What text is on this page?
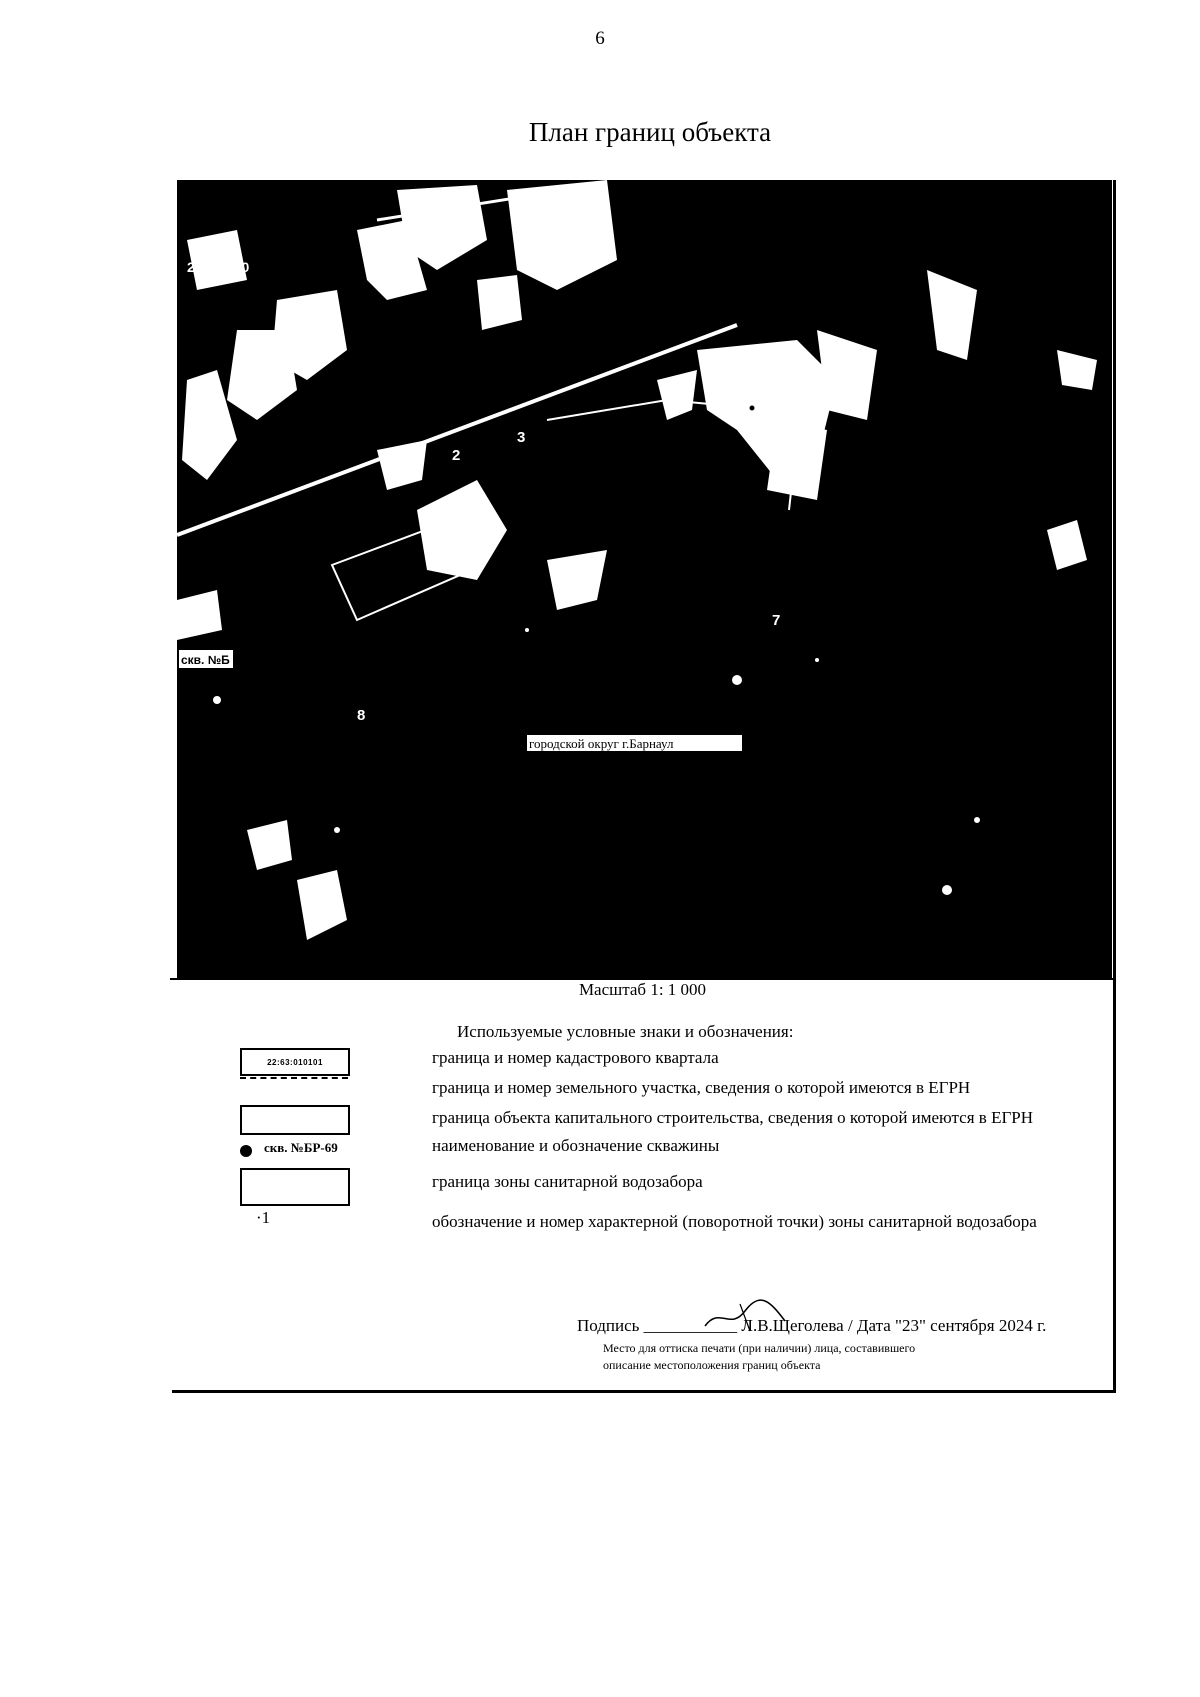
6
План границ объекта
22 63 030
городской округ г.Барнаул
скв. №Б
2
3
4	5
6
7
8
Масштаб 1: 1 000
Используемые условные знаки и обозначения:
22:63:010101
скв. №БР-69
·1
граница и номер кадастрового квартала
граница и номер земельного участка, сведения о которой имеются в ЕГРН
граница объекта капитального строительства, сведения о которой имеются в ЕГРН
наименование и обозначение скважины
граница зоны санитарной водозабора
обозначение и номер характерной (поворотной точки) зоны санитарной водозабора
Подпись ___________ Л.В.Щеголева / Дата "23" сентября 2024 г.
Место для оттиска печати (при наличии) лица, составившего
описание местоположения границ объекта
